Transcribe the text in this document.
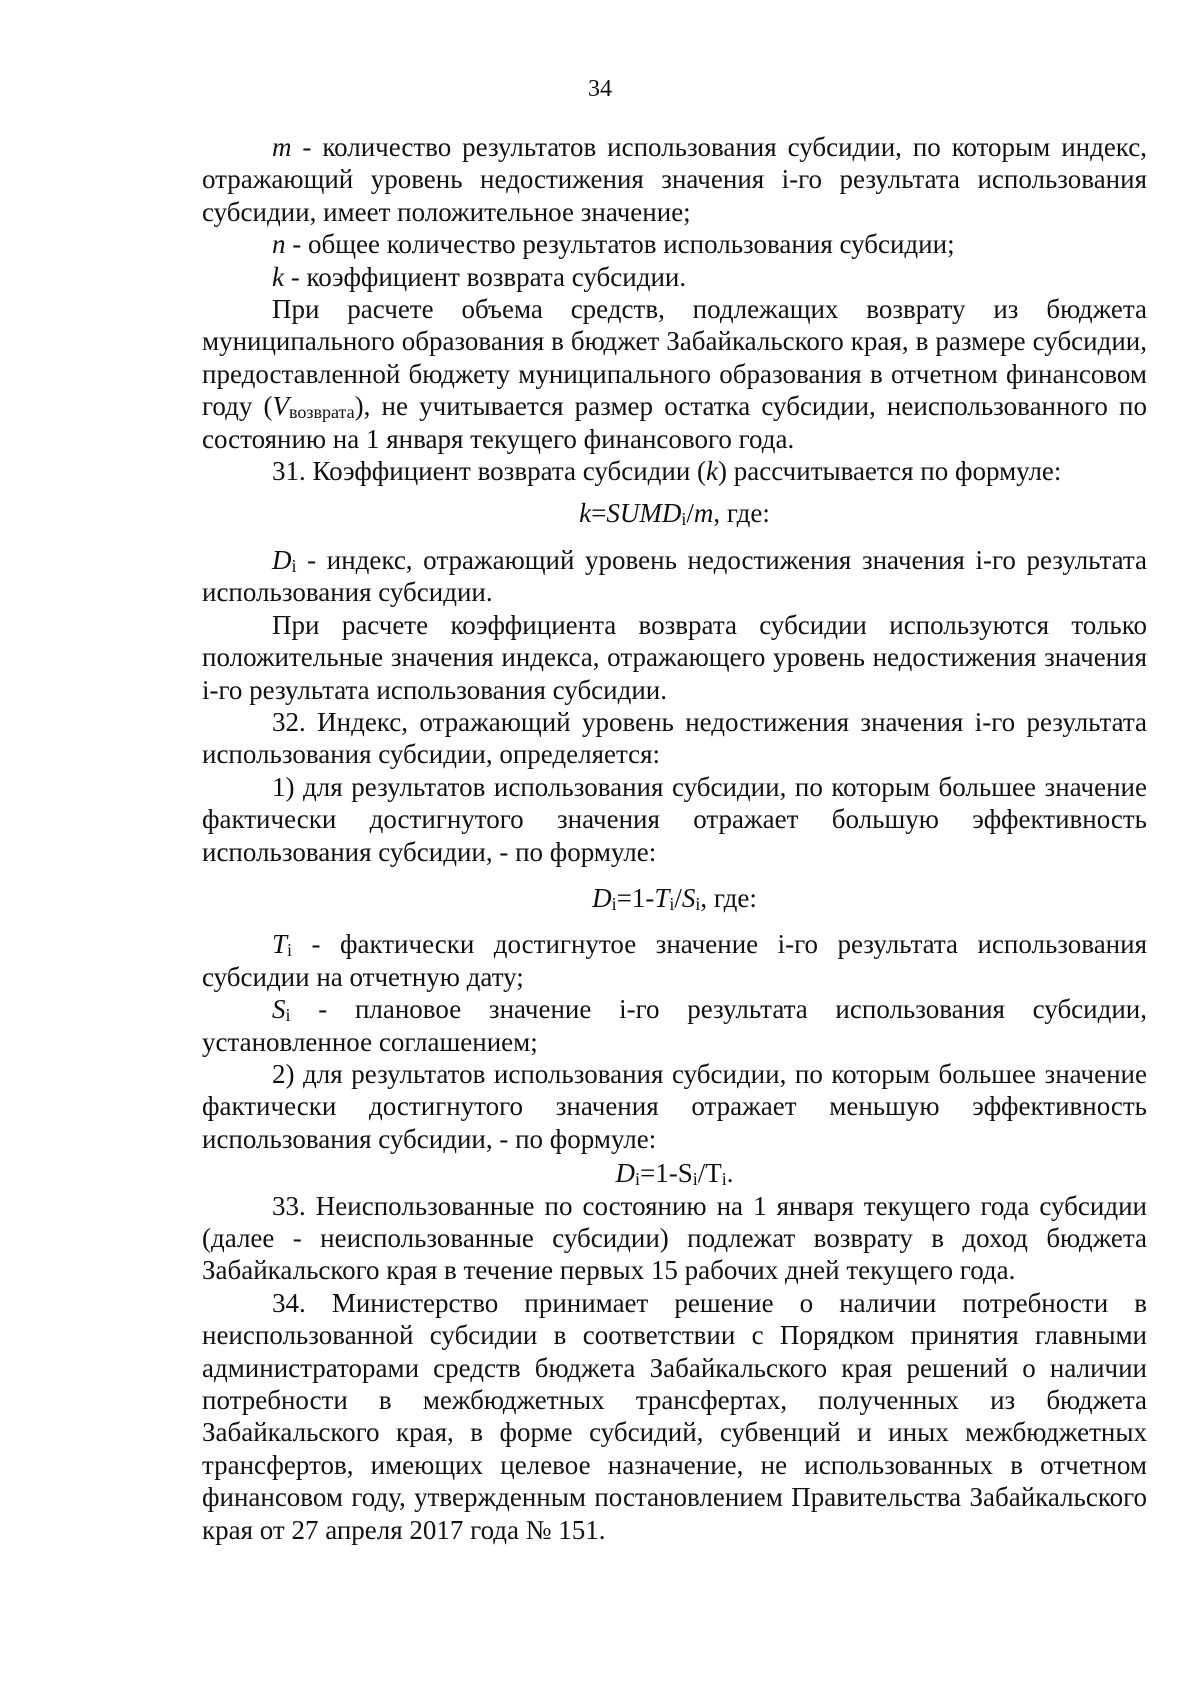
34

m - количество результатов использования субсидии, по которым индекс, отражающий уровень недостижения значения i-го результата использования субсидии, имеет положительное значение;

n - общее количество результатов использования субсидии;

k - коэффициент возврата субсидии.

При расчете объема средств, подлежащих возврату из бюджета муниципального образования в бюджет Забайкальского края, в размере субсидии, предоставленной бюджету муниципального образования в отчетном финансовом году $(V_{возврата})$, не учитывается размер остатка субсидии, неиспользованного по состоянию на 1 января текущего финансового года.

31. Коэффициент возврата субсидии (k) рассчитывается по формуле:

$k=SUMD_i/m$, где:

$D_i$ - индекс, отражающий уровень недостижения значения i-го результата использования субсидии.

При расчете коэффициента возврата субсидии используются только положительные значения индекса, отражающего уровень недостижения значения i-го результата использования субсидии.

32. Индекс, отражающий уровень недостижения значения i-го результата использования субсидии, определяется:

1) для результатов использования субсидии, по которым большее значение фактически достигнутого значения отражает большую эффективность использования субсидии, - по формуле:

$D_i=1-T_i/S_i$, где:

$T_i$ - фактически достигнутое значение i-го результата использования субсидии на отчетную дату;

$S_i$ - плановое значение i-го результата использования субсидии, установленное соглашением;

2) для результатов использования субсидии, по которым большее значение фактически достигнутого значения отражает меньшую эффективность использования субсидии, - по формуле:

$D_i=1-S_i/T_i$.

33. Неиспользованные по состоянию на 1 января текущего года субсидии (далее - неиспользованные субсидии) подлежат возврату в доход бюджета Забайкальского края в течение первых 15 рабочих дней текущего года.

34. Министерство принимает решение о наличии потребности в неиспользованной субсидии в соответствии с Порядком принятия главными администраторами средств бюджета Забайкальского края решений о наличии потребности в межбюджетных трансфертах, полученных из бюджета Забайкальского края, в форме субсидий, субвенций и иных межбюджетных трансфертов, имеющих целевое назначение, не использованных в отчетном финансовом году, утвержденным постановлением Правительства Забайкальского края от 27 апреля 2017 года № 151.
